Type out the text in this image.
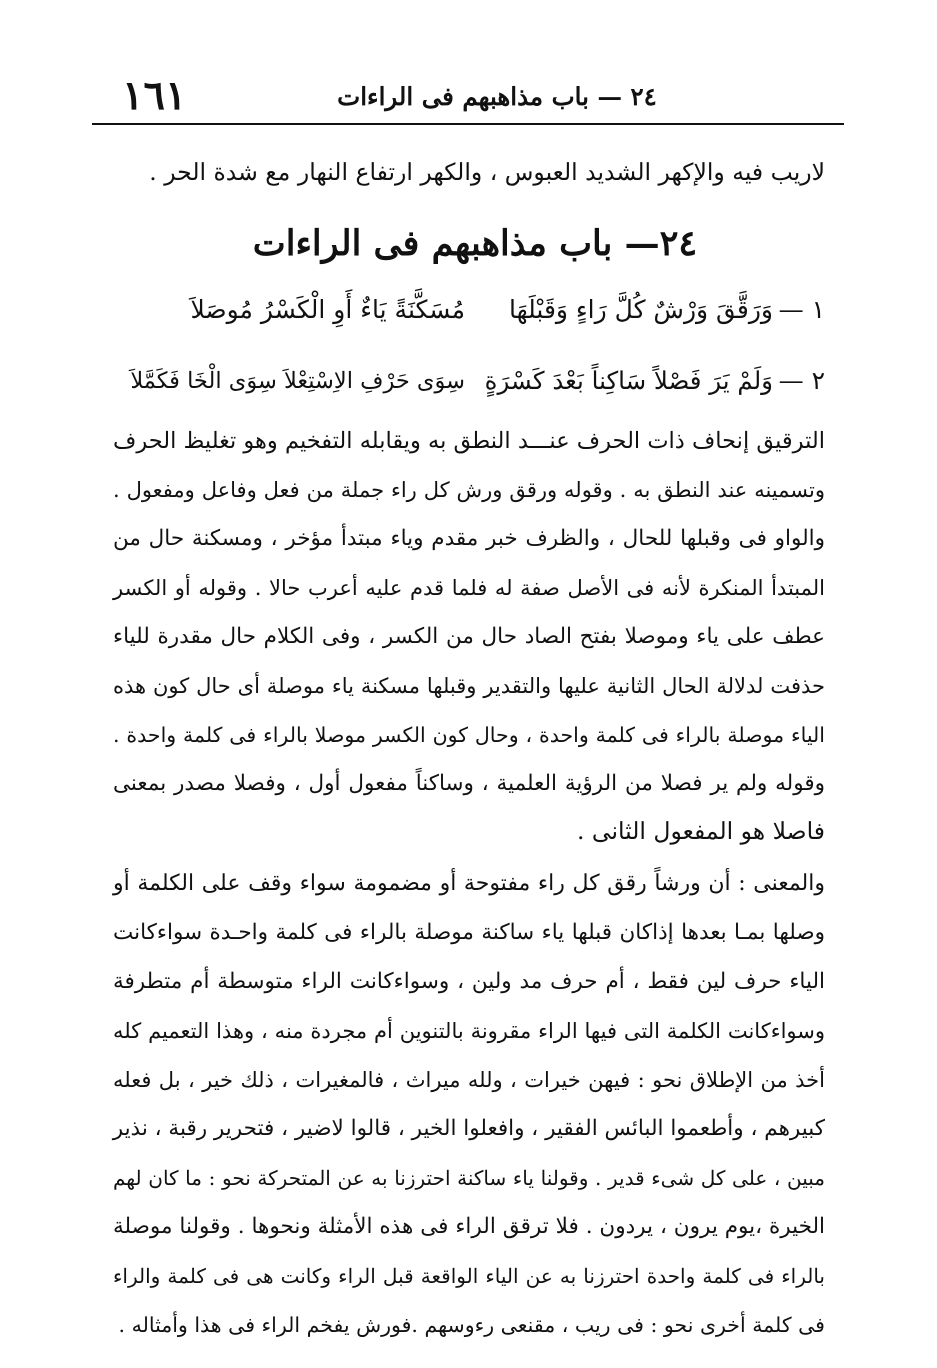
١٦١	٢٤ — باب مذاهبهم فى الراءات
لاريب فيه والإكهر الشديد العبوس ، والكهر ارتفاع النهار مع شدة الحر .
٢٤— باب مذاهبهم فى الراءات
١ —
وَرَقَّقَ وَرْشٌ كُلَّ رَاءٍ وَقَبْلَهَا
مُسَكَّنَةً يَاءٌ أَوِ الْكَسْرُ مُوصَلاَ
٢ —
وَلَمْ يَرَ فَصْلاً سَاكِناً بَعْدَ كَسْرَةٍ
سِوَى حَرْفِ الاِسْتِعْلاَ سِوَى الْخَا فَكَمَّلاَ
الترقيق إنحاف ذات الحرف عنـــد النطق به ويقابله التفخيم وهو تغليظ الحرف
وتسمينه عند النطق به . وقوله ورقق ورش كل راء جملة من فعل وفاعل ومفعول .
والواو فى وقبلها للحال ، والظرف خبر مقدم وياء مبتدأ مؤخر ، ومسكنة حال من
المبتدأ المنكرة لأنه فى الأصل صفة له فلما قدم عليه أعرب حالا . وقوله أو الكسر
عطف على ياء وموصلا بفتح الصاد حال من الكسر ، وفى الكلام حال مقدرة للياء
حذفت لدلالة الحال الثانية عليها والتقدير وقبلها مسكنة ياء موصلة أى حال كون هذه
الياء موصلة بالراء فى كلمة واحدة ، وحال كون الكسر موصلا بالراء فى كلمة واحدة .
وقوله ولم ير فصلا من الرؤية العلمية ، وساكناً مفعول أول ، وفصلا مصدر بمعنى
فاصلا هو المفعول الثانى .
والمعنى : أن ورشاً رقق كل راء مفتوحة أو مضمومة سواء وقف على الكلمة أو
وصلها بمـا بعدها إذاكان قبلها ياء ساكنة موصلة بالراء فى كلمة واحـدة سواءكانت
الياء حرف لين فقط ، أم حرف مد ولين ، وسواءكانت الراء متوسطة أم متطرفة
وسواءكانت الكلمة التى فيها الراء مقرونة بالتنوين أم مجردة منه ، وهذا التعميم كله
أخذ من الإطلاق نحو : فيهن خيرات ، ولله ميراث ، فالمغيرات ، ذلك خير ، بل فعله
كبيرهم ، وأطعموا البائس الفقير ، وافعلوا الخير ، قالوا لاضير ، فتحرير رقبة ، نذير
مبين ، على كل شىء قدير . وقولنا ياء ساكنة احترزنا به عن المتحركة نحو : ما كان لهم
الخيرة ،يوم يرون ، يردون . فلا ترقق الراء فى هذه الأمثلة ونحوها . وقولنا موصلة
بالراء فى كلمة واحدة احترزنا به عن الياء الواقعة قبل الراء وكانت هى فى كلمة والراء
فى كلمة أخرى نحو : فى ريب ، مقنعى رءوسهم .فورش يفخم الراء فى هذا وأمثاله .
